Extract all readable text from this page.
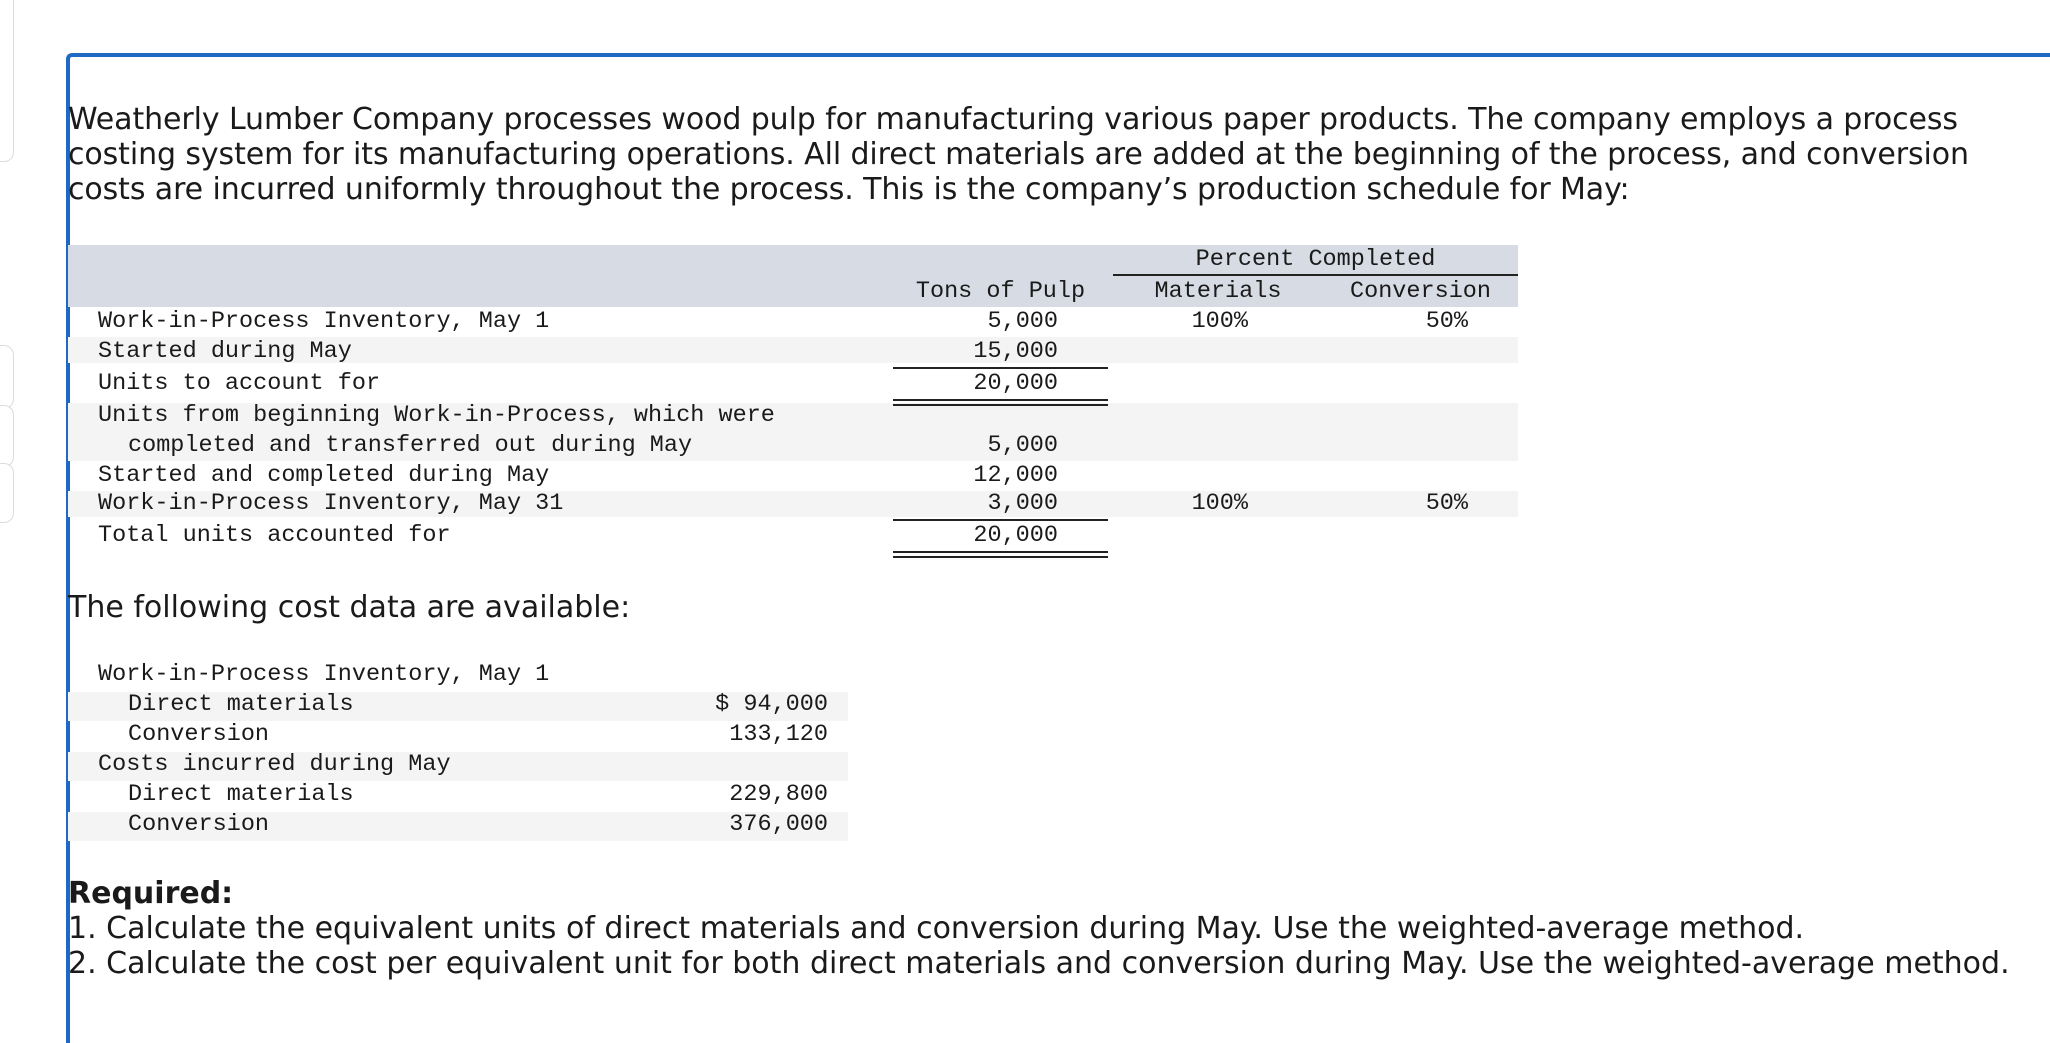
Weatherly Lumber Company processes wood pulp for manufacturing various paper products. The company employs a process costing system for its manufacturing operations. All direct materials are added at the beginning of the process, and conversion costs are incurred uniformly throughout the process. This is the company’s production schedule for May:

Percent Completed
Tons of Pulp	Materials	Conversion
Work-in-Process Inventory, May 1	5,000	100%	50%
Started during May	15,000
Units to account for	20,000
Units from beginning Work-in-Process, which were
completed and transferred out during May	5,000
Started and completed during May	12,000
Work-in-Process Inventory, May 31	3,000	100%	50%
Total units accounted for	20,000

The following cost data are available:

Work-in-Process Inventory, May 1
Direct materials	$ 94,000
Conversion	133,120
Costs incurred during May
Direct materials	229,800
Conversion	376,000
Required:
1. Calculate the equivalent units of direct materials and conversion during May. Use the weighted-average method.
2. Calculate the cost per equivalent unit for both direct materials and conversion during May. Use the weighted-average method.
